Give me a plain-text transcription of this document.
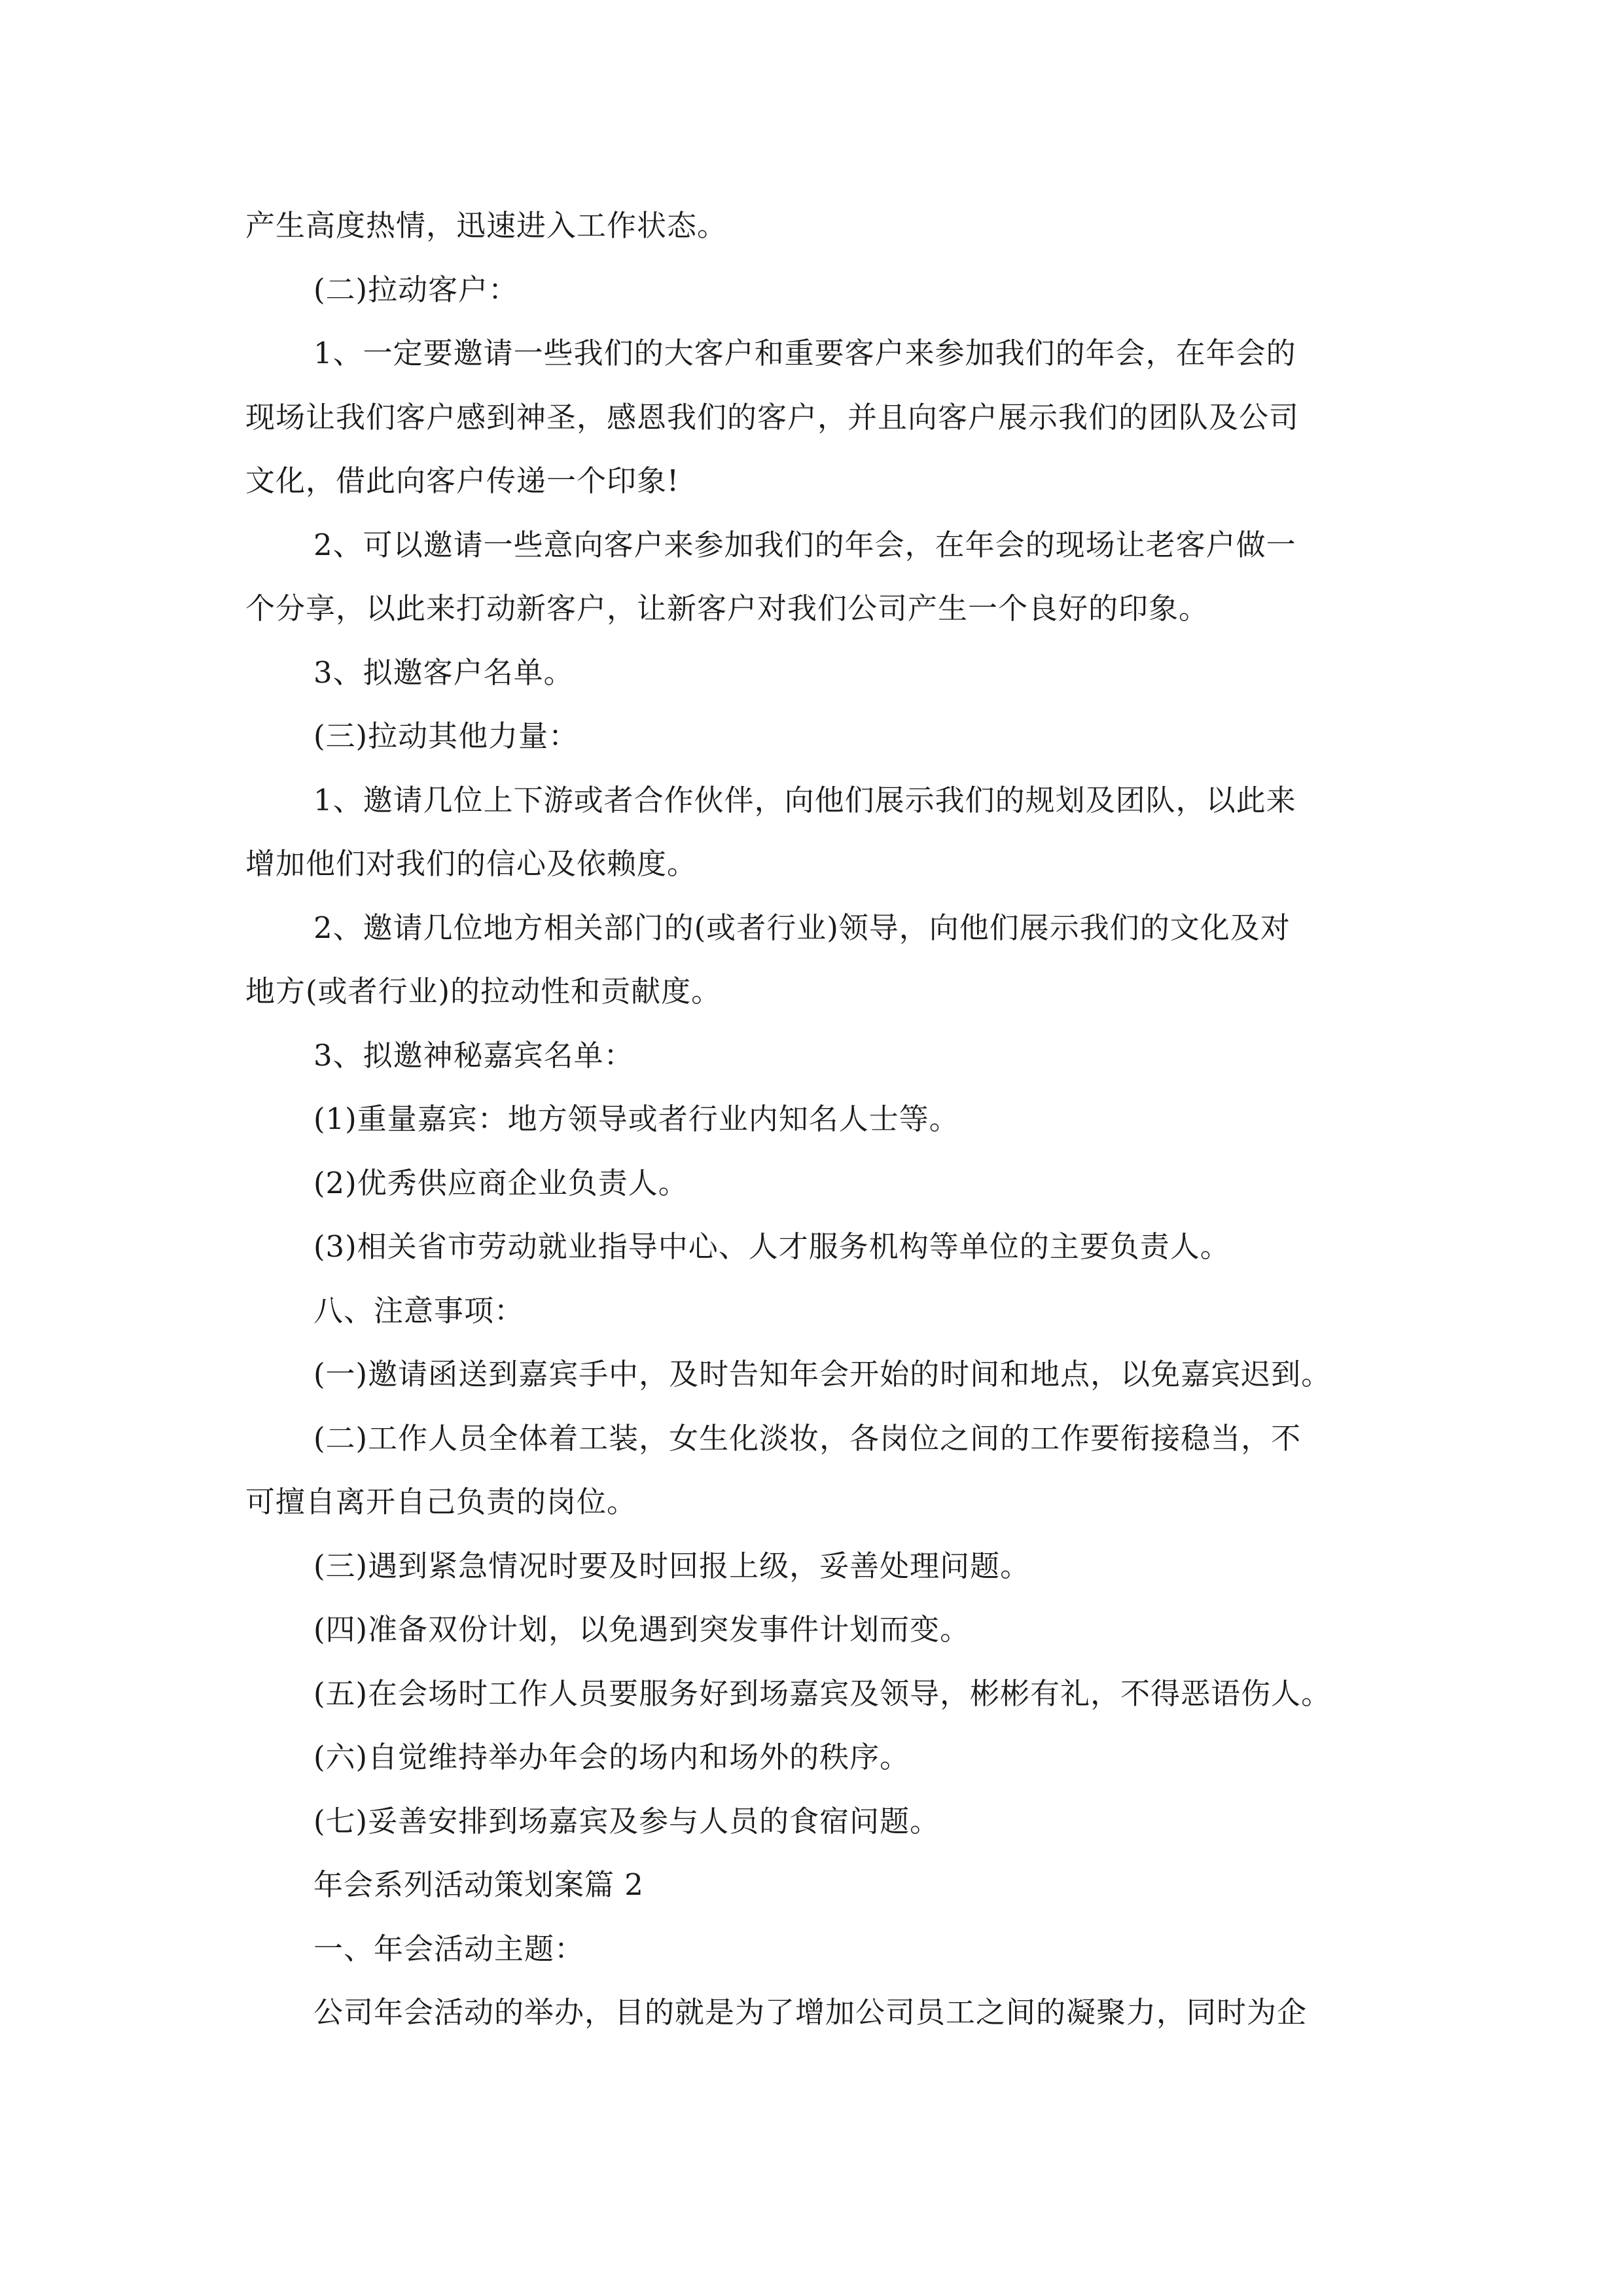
产生高度热情，迅速进入工作状态。
(二)拉动客户：
1、一定要邀请一些我们的大客户和重要客户来参加我们的年会，在年会的
现场让我们客户感到神圣，感恩我们的客户，并且向客户展示我们的团队及公司
文化，借此向客户传递一个印象!
2、可以邀请一些意向客户来参加我们的年会，在年会的现场让老客户做一
个分享，以此来打动新客户，让新客户对我们公司产生一个良好的印象。
3、拟邀客户名单。
(三)拉动其他力量：
1、邀请几位上下游或者合作伙伴，向他们展示我们的规划及团队，以此来
增加他们对我们的信心及依赖度。
2、邀请几位地方相关部门的(或者行业)领导，向他们展示我们的文化及对
地方(或者行业)的拉动性和贡献度。
3、拟邀神秘嘉宾名单：
(1)重量嘉宾：地方领导或者行业内知名人士等。
(2)优秀供应商企业负责人。
(3)相关省市劳动就业指导中心、人才服务机构等单位的主要负责人。
八、注意事项：
(一)邀请函送到嘉宾手中，及时告知年会开始的时间和地点，以免嘉宾迟到。
(二)工作人员全体着工装，女生化淡妆，各岗位之间的工作要衔接稳当，不
可擅自离开自己负责的岗位。
(三)遇到紧急情况时要及时回报上级，妥善处理问题。
(四)准备双份计划，以免遇到突发事件计划而变。
(五)在会场时工作人员要服务好到场嘉宾及领导，彬彬有礼，不得恶语伤人。
(六)自觉维持举办年会的场内和场外的秩序。
(七)妥善安排到场嘉宾及参与人员的食宿问题。
年会系列活动策划案篇 2
一、年会活动主题：
公司年会活动的举办，目的就是为了增加公司员工之间的凝聚力，同时为企
